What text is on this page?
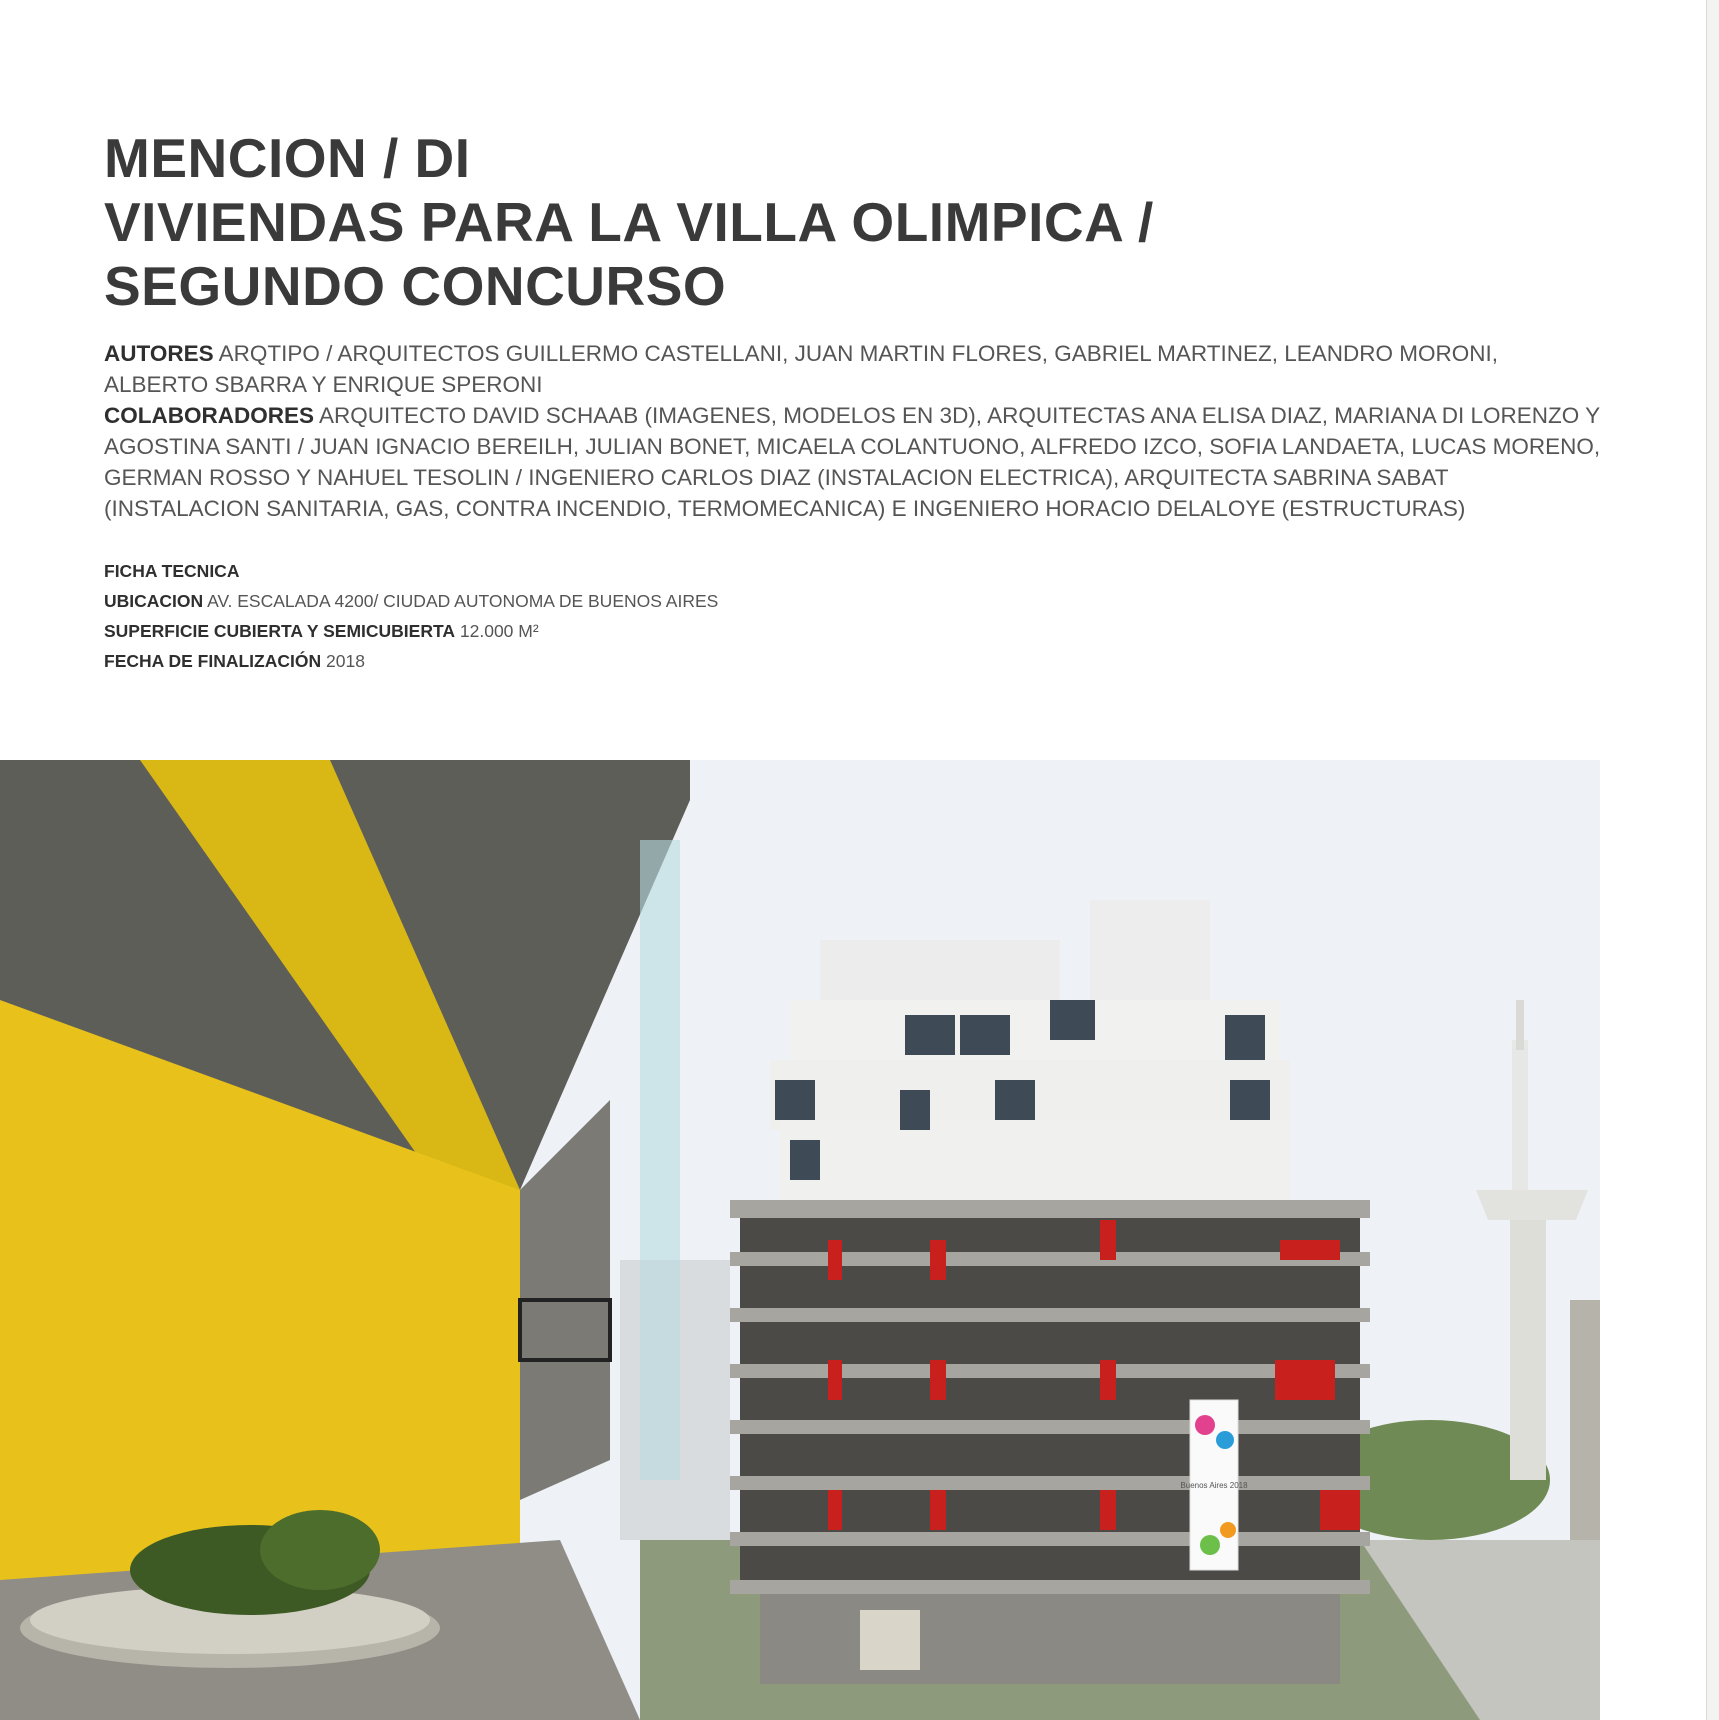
MENCION / DI
VIVIENDAS PARA LA VILLA OLIMPICA /
SEGUNDO CONCURSO

AUTORES ARQTIPO / ARQUITECTOS GUILLERMO CASTELLANI, JUAN MARTIN FLORES, GABRIEL MARTINEZ, LEANDRO MORONI, ALBERTO SBARRA Y ENRIQUE SPERONI

COLABORADORES ARQUITECTO DAVID SCHAAB (IMAGENES, MODELOS EN 3D), ARQUITECTAS ANA ELISA DIAZ, MARIANA DI LORENZO Y AGOSTINA SANTI / JUAN IGNACIO BEREILH, JULIAN BONET, MICAELA COLANTUONO, ALFREDO IZCO, SOFIA LANDAETA, LUCAS MORENO, GERMAN ROSSO Y NAHUEL TESOLIN / INGENIERO CARLOS DIAZ (INSTALACION ELECTRICA), ARQUITECTA SABRINA SABAT (INSTALACION SANITARIA, GAS, CONTRA INCENDIO, TERMOMECANICA) E INGENIERO HORACIO DELALOYE (ESTRUCTURAS)

FICHA TECNICA
UBICACION AV. ESCALADA 4200/ CIUDAD AUTONOMA DE BUENOS AIRES
SUPERFICIE CUBIERTA Y SEMICUBIERTA 12.000 M²
FECHA DE FINALIZACIÓN 2018
Buenos Aires 2018
